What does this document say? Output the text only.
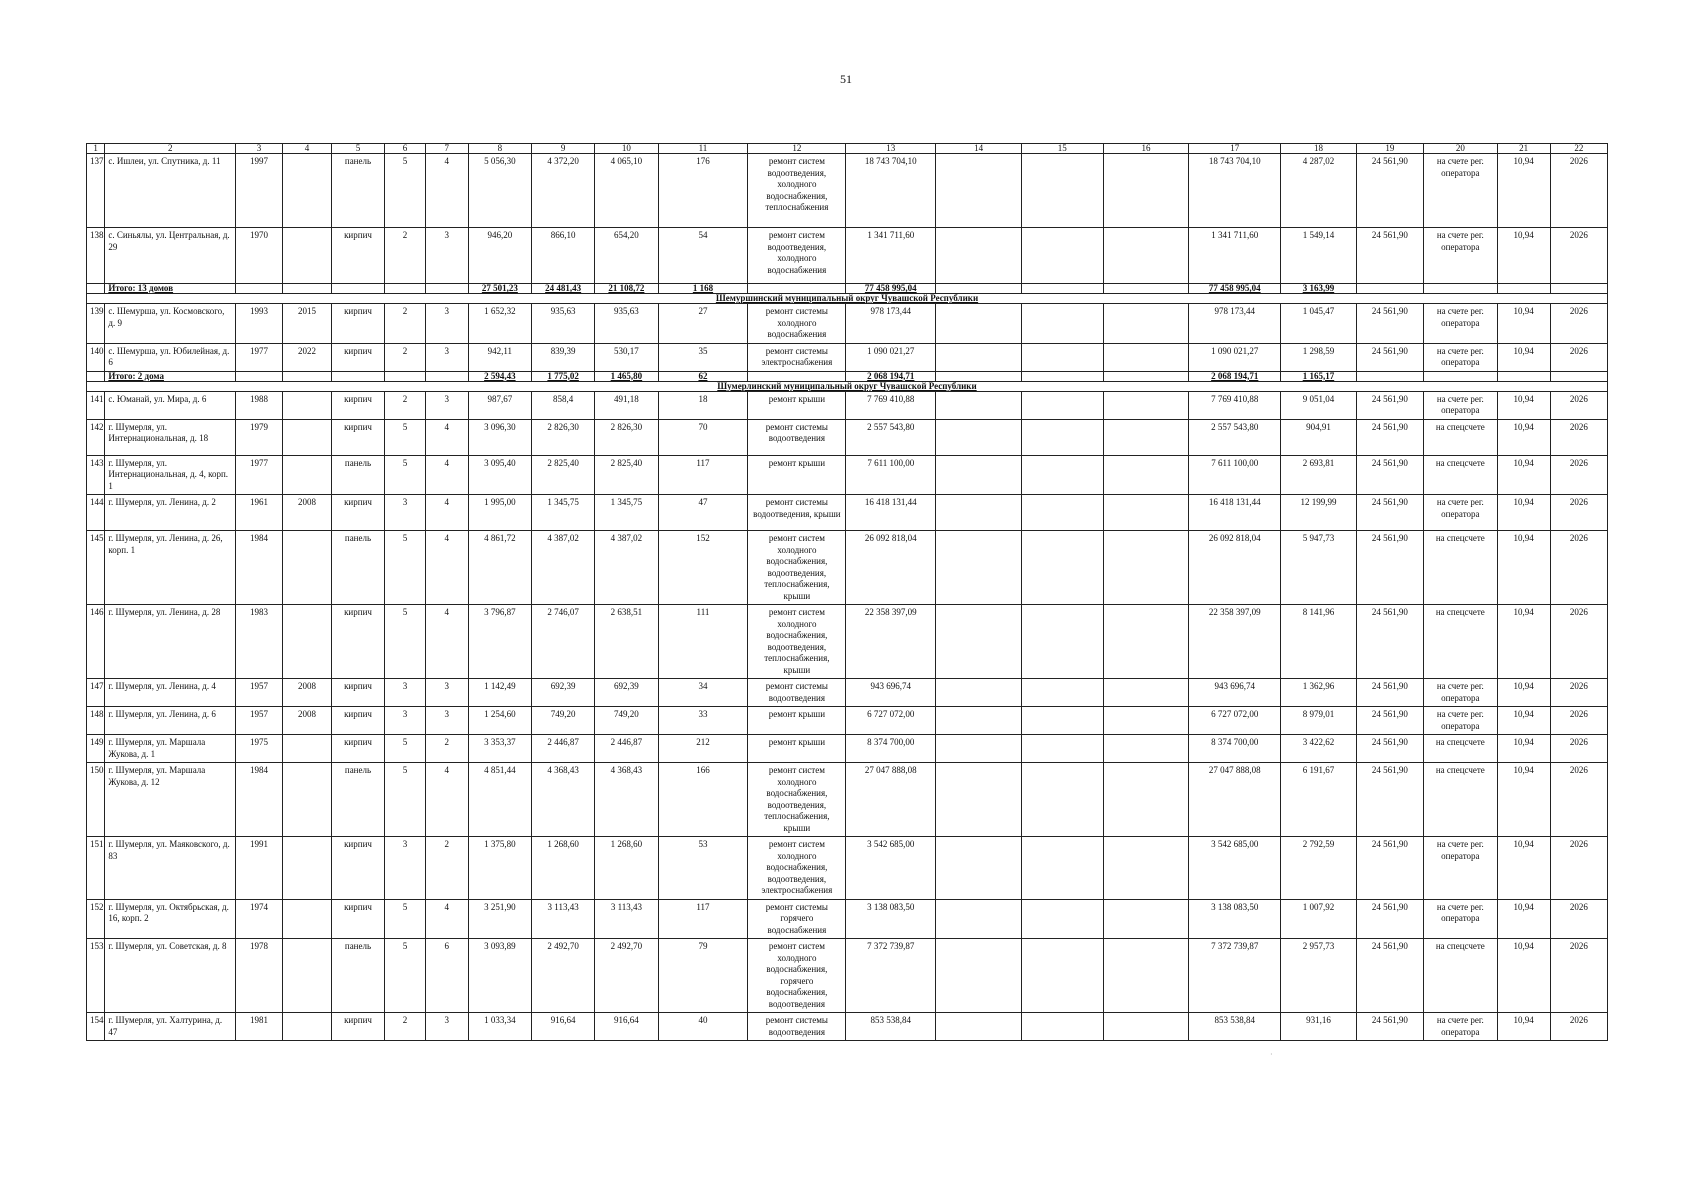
51
1	2	3	4	5	6	7	8	9	10	11	12	13	14	15	16	17	18	19	20	21	22
137	с. Ишлеи, ул. Спутника, д. 11	1997		панель	5	4	5 056,30	4 372,20	4 065,10	176	ремонт систем водоотведения, холодного водоснабжения, теплоснабжения	18 743 704,10				18 743 704,10	4 287,02	24 561,90	на счете рег. оператора	10,94	2026
138	с. Синьялы, ул. Центральная, д. 29	1970		кирпич	2	3	946,20	866,10	654,20	54	ремонт систем водоотведения, холодного водоснабжения	1 341 711,60				1 341 711,60	1 549,14	24 561,90	на счете рег. оператора	10,94	2026
	Итого: 13 домов						27 501,23	24 481,43	21 108,72	1 168		77 458 995,04				77 458 995,04	3 163,99				
Шемуршинский муниципальный округ Чувашской Республики																					
139	с. Шемурша, ул. Космовского, д. 9	1993	2015	кирпич	2	3	1 652,32	935,63	935,63	27	ремонт системы холодного водоснабжения	978 173,44				978 173,44	1 045,47	24 561,90	на счете рег. оператора	10,94	2026
140	с. Шемурша, ул. Юбилейная, д. 6	1977	2022	кирпич	2	3	942,11	839,39	530,17	35	ремонт системы электроснабжения	1 090 021,27				1 090 021,27	1 298,59	24 561,90	на счете рег. оператора	10,94	2026
	Итого: 2 дома						2 594,43	1 775,02	1 465,80	62		2 068 194,71				2 068 194,71	1 165,17				
Шумерлинский муниципальный округ Чувашской Республики																					
141	с. Юманай, ул. Мира, д. 6	1988		кирпич	2	3	987,67	858,4	491,18	18	ремонт крыши	7 769 410,88				7 769 410,88	9 051,04	24 561,90	на счете рег. оператора	10,94	2026
142	г. Шумерля, ул. Интернациональная, д. 18	1979		кирпич	5	4	3 096,30	2 826,30	2 826,30	70	ремонт системы водоотведения	2 557 543,80				2 557 543,80	904,91	24 561,90	на спецсчете	10,94	2026
143	г. Шумерля, ул. Интернациональная, д. 4, корп. 1	1977		панель	5	4	3 095,40	2 825,40	2 825,40	117	ремонт крыши	7 611 100,00				7 611 100,00	2 693,81	24 561,90	на спецсчете	10,94	2026
144	г. Шумерля, ул. Ленина, д. 2	1961	2008	кирпич	3	4	1 995,00	1 345,75	1 345,75	47	ремонт системы водоотведения, крыши	16 418 131,44				16 418 131,44	12 199,99	24 561,90	на счете рег. оператора	10,94	2026
145	г. Шумерля, ул. Ленина, д. 26, корп. 1	1984		панель	5	4	4 861,72	4 387,02	4 387,02	152	ремонт систем холодного водоснабжения, водоотведения, теплоснабжения, крыши	26 092 818,04				26 092 818,04	5 947,73	24 561,90	на спецсчете	10,94	2026
146	г. Шумерля, ул. Ленина, д. 28	1983		кирпич	5	4	3 796,87	2 746,07	2 638,51	111	ремонт систем холодного водоснабжения, водоотведения, теплоснабжения, крыши	22 358 397,09				22 358 397,09	8 141,96	24 561,90	на спецсчете	10,94	2026
147	г. Шумерля, ул. Ленина, д. 4	1957	2008	кирпич	3	3	1 142,49	692,39	692,39	34	ремонт системы водоотведения	943 696,74				943 696,74	1 362,96	24 561,90	на счете рег. оператора	10,94	2026
148	г. Шумерля, ул. Ленина, д. 6	1957	2008	кирпич	3	3	1 254,60	749,20	749,20	33	ремонт крыши	6 727 072,00				6 727 072,00	8 979,01	24 561,90	на счете рег. оператора	10,94	2026
149	г. Шумерля, ул. Маршала Жукова, д. 1	1975		кирпич	5	2	3 353,37	2 446,87	2 446,87	212	ремонт крыши	8 374 700,00				8 374 700,00	3 422,62	24 561,90	на спецсчете	10,94	2026
150	г. Шумерля, ул. Маршала Жукова, д. 12	1984		панель	5	4	4 851,44	4 368,43	4 368,43	166	ремонт систем холодного водоснабжения, водоотведения, теплоснабжения, крыши	27 047 888,08				27 047 888,08	6 191,67	24 561,90	на спецсчете	10,94	2026
151	г. Шумерля, ул. Маяковского, д. 83	1991		кирпич	3	2	1 375,80	1 268,60	1 268,60	53	ремонт систем холодного водоснабжения, водоотведения, электроснабжения	3 542 685,00				3 542 685,00	2 792,59	24 561,90	на счете рег. оператора	10,94	2026
152	г. Шумерля, ул. Октябрьская, д. 16, корп. 2	1974		кирпич	5	4	3 251,90	3 113,43	3 113,43	117	ремонт системы горячего водоснабжения	3 138 083,50				3 138 083,50	1 007,92	24 561,90	на счете рег. оператора	10,94	2026
153	г. Шумерля, ул. Советская, д. 8	1978		панель	5	6	3 093,89	2 492,70	2 492,70	79	ремонт систем холодного водоснабжения, горячего водоснабжения, водоотведения	7 372 739,87				7 372 739,87	2 957,73	24 561,90	на спецсчете	10,94	2026
154	г. Шумерля, ул. Халтурина, д. 47	1981		кирпич	2	3	1 033,34	916,64	916,64	40	ремонт системы водоотведения	853 538,84				853 538,84	931,16	24 561,90	на счете рег. оператора	10,94	2026
·
